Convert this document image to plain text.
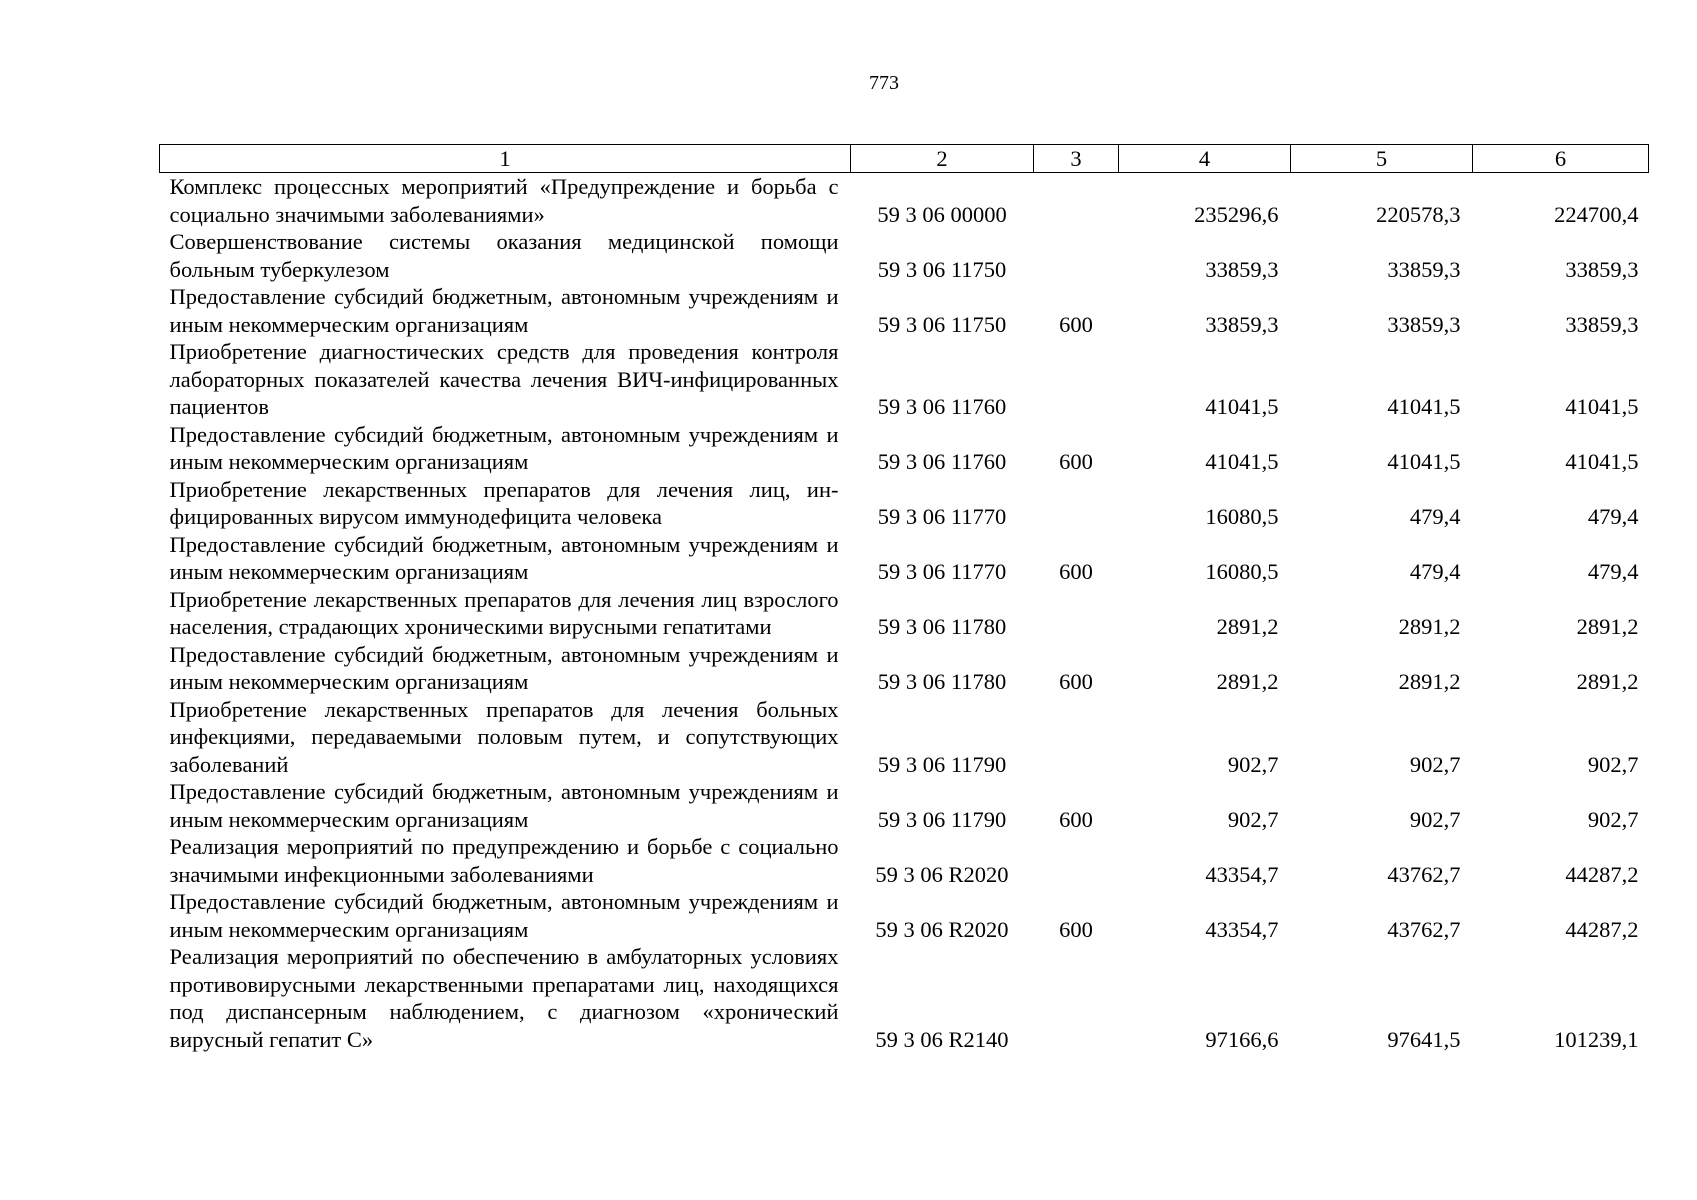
773
1	2	3	4	5	6
Комплекс процессных мероприятий «Предупреждение и борьба с социально значимыми заболеваниями»	59 3 06 00000		235296,6	220578,3	224700,4
Совершенствование системы оказания медицинской помощи больным туберкулезом	59 3 06 11750		33859,3	33859,3	33859,3
Предоставление субсидий бюджетным, автономным учреждениям и иным некоммерческим организациям	59 3 06 11750	600	33859,3	33859,3	33859,3
Приобретение диагностических средств для проведения контроля лабораторных показателей качества лечения ВИЧ-инфицированных пациентов	59 3 06 11760		41041,5	41041,5	41041,5
Предоставление субсидий бюджетным, автономным учреждениям и иным некоммерческим организациям	59 3 06 11760	600	41041,5	41041,5	41041,5
Приобретение лекарственных препаратов для лечения лиц, инфицированных вирусом иммунодефицита человека	59 3 06 11770		16080,5	479,4	479,4
Предоставление субсидий бюджетным, автономным учреждениям и иным некоммерческим организациям	59 3 06 11770	600	16080,5	479,4	479,4
Приобретение лекарственных препаратов для лечения лиц взрослого населения, страдающих хроническими вирусными гепатитами	59 3 06 11780		2891,2	2891,2	2891,2
Предоставление субсидий бюджетным, автономным учреждениям и иным некоммерческим организациям	59 3 06 11780	600	2891,2	2891,2	2891,2
Приобретение лекарственных препаратов для лечения больных инфекциями, передаваемыми половым путем, и сопутствующих заболеваний	59 3 06 11790		902,7	902,7	902,7
Предоставление субсидий бюджетным, автономным учреждениям и иным некоммерческим организациям	59 3 06 11790	600	902,7	902,7	902,7
Реализация мероприятий по предупреждению и борьбе с социально значимыми инфекционными заболеваниями	59 3 06 R2020		43354,7	43762,7	44287,2
Предоставление субсидий бюджетным, автономным учреждениям и иным некоммерческим организациям	59 3 06 R2020	600	43354,7	43762,7	44287,2
Реализация мероприятий по обеспечению в амбулаторных условиях противовирусными лекарственными препаратами лиц, находящихся под диспансерным наблюдением, с диагнозом «хронический вирусный гепатит С»	59 3 06 R2140		97166,6	97641,5	101239,1
